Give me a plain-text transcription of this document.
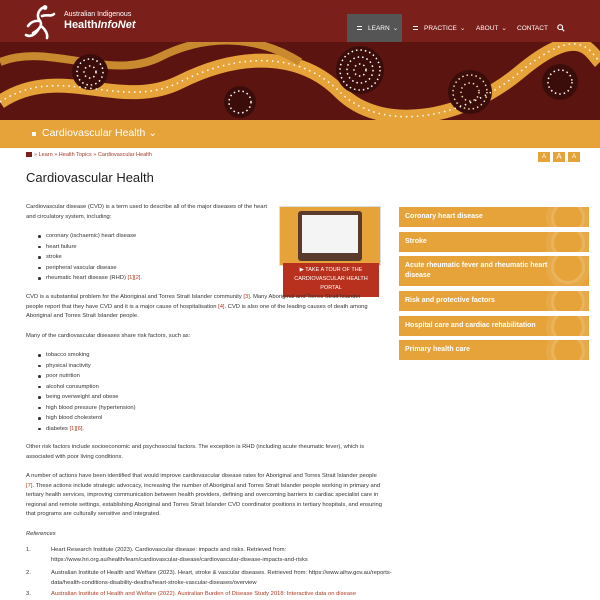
Australian Indigenous
HealthInfoNet	LEARN ⌄	PRACTICE ⌄ ABOUT ⌄ CONTACT
Cardiovascular Health ⌄
» Learn » Health Topics » Cardiovascular Health	A	A	A
Cardiovascular Health
Cardiovascular disease (CVD) is a term used to describe all of the major diseases of the heart and circulatory system, including:
coronary (ischaemic) heart disease
heart failure
stroke
peripheral vascular disease
rheumatic heart disease (RHD) [1][2].
▶ TAKE A TOUR OF THE CARDIOVASCULAR HEALTH PORTAL
CVD is a substantial problem for the Aboriginal and Torres Strait Islander community [3]. Many Aboriginal and Torres Strait Islander people report that they have CVD and it is a major cause of hospitalisation [4]. CVD is also one of the leading causes of death among Aboriginal and Torres Strait Islander people.
Many of the cardiovascular diseases share risk factors, such as:
tobacco smoking
physical inactivity
poor nutrition
alcohol consumption
being overweight and obese
high blood pressure (hypertension)
high blood cholesterol
diabetes [1][6].
Other risk factors include socioeconomic and psychosocial factors. The exception is RHD (including acute rheumatic fever), which is associated with poor living conditions.
A number of actions have been identified that would improve cardiovascular disease rates for Aboriginal and Torres Strait Islander people [7]. These actions include strategic advocacy, increasing the number of Aboriginal and Torres Strait Islander people working in primary and tertiary health services, improving communication between health providers, defining and overcoming barriers to cardiac specialist care in regional and remote settings, establishing Aboriginal and Torres Strait Islander CVD coordinator positions in tertiary hospitals, and ensuring that programs are culturally sensitive and integrated.
References
1.	Heart Research Institute (2023). Cardiovascular disease: impacts and risks. Retrieved from: https://www.hri.org.au/health/learn/cardiovascular-disease/cardiovascular-disease-impacts-and-risks
2.	Australian Institute of Health and Welfare (2023). Heart, stroke & vascular diseases. Retrieved from: https://www.aihw.gov.au/reports-data/health-conditions-disability-deaths/heart-stroke-vascular-diseases/overview
3.	Australian Institute of Health and Welfare (2022). Australian Burden of Disease Study 2018: Interactive data on disease
Coronary heart disease
Stroke
Acute rheumatic fever and rheumatic heart disease
Risk and protective factors
Hospital care and cardiac rehabilitation
Primary health care
